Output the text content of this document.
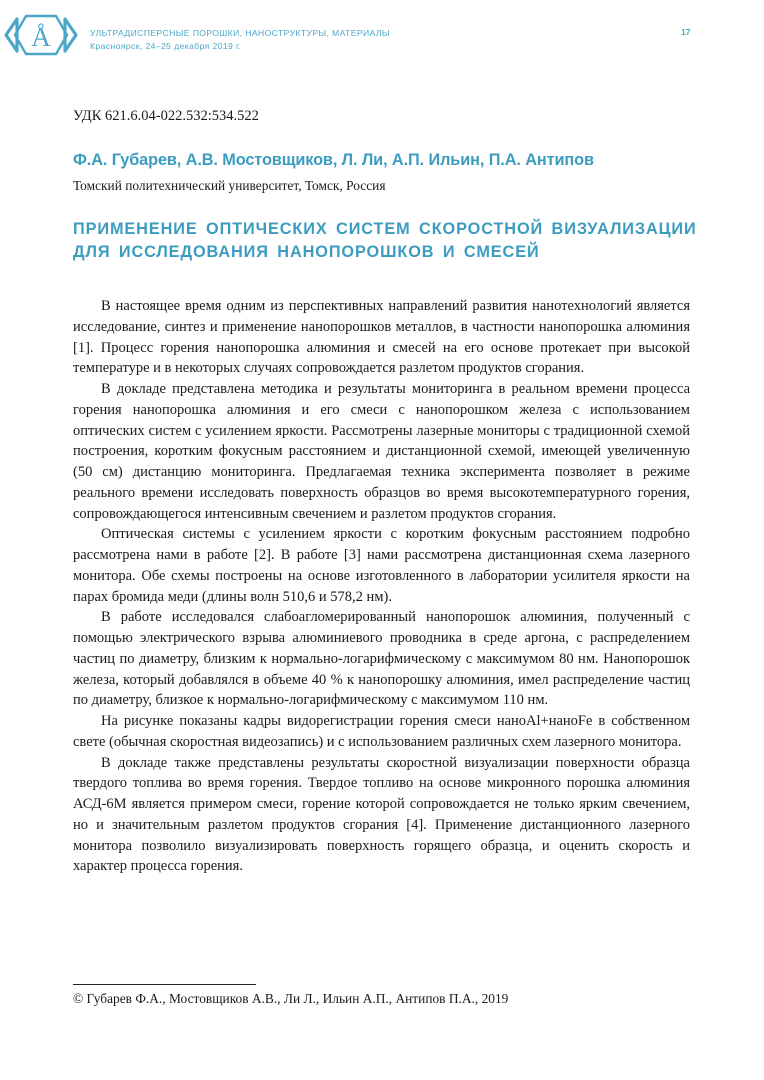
Å	УЛЬТРАДИСПЕРСНЫЕ ПОРОШКИ, НАНОСТРУКТУРЫ, МАТЕРИАЛЫ
Красноярск, 24–25 декабря 2019 г.
17
УДК 621.6.04-022.532:534.522
Ф.А. Губарев, А.В. Мостовщиков, Л. Ли, А.П. Ильин, П.А. Антипов
Томский политехнический университет, Томск, Россия
ПРИМЕНЕНИЕ ОПТИЧЕСКИХ СИСТЕМ СКОРОСТНОЙ ВИЗУАЛИЗАЦИИ
ДЛЯ ИССЛЕДОВАНИЯ НАНОПОРОШКОВ И СМЕСЕЙ

В настоящее время одним из перспективных направлений развития нанотехнологий является исследование, синтез и применение нанопорошков металлов, в частности нанопорошка алюминия [1]. Процесс горения нанопорошка алюминия и смесей на его основе протекает при высокой температуре и в некоторых случаях сопровождается разлетом продуктов сгорания.

В докладе представлена методика и результаты мониторинга в реальном времени процесса горения нанопорошка алюминия и его смеси с нанопорошком железа с использованием оптических систем с усилением яркости. Рассмотрены лазерные мониторы с традиционной схемой построения, коротким фокусным расстоянием и дистанционной схемой, имеющей увеличенную (50 см) дистанцию мониторинга. Предлагаемая техника эксперимента позволяет в режиме реального времени исследовать поверхность образцов во время высокотемпературного горения, сопровождающегося интенсивным свечением и разлетом продуктов сгорания.

Оптическая системы с усилением яркости с коротким фокусным расстоянием подробно рассмотрена нами в работе [2]. В работе [3] нами рассмотрена дистанционная схема лазерного монитора. Обе схемы построены на основе изготовленного в лаборатории усилителя яркости на парах бромида меди (длины волн 510,6 и 578,2 нм).

В работе исследовался слабоагломерированный нанопорошок алюминия, полученный с помощью электрического взрыва алюминиевого проводника в среде аргона, с распределением частиц по диаметру, близким к нормально-логарифмическому с максимумом 80 нм. Нанопорошок железа, который добавлялся в объеме 40 % к нанопорошку алюминия, имел распределение частиц по диаметру, близкое к нормально-логарифмическому с максимумом 110 нм.

На рисунке показаны кадры видорегистрации горения смеси наноAl+наноFe в собственном свете (обычная скоростная видеозапись) и с использованием различных схем лазерного монитора.

В докладе также представлены результаты скоростной визуализации поверхности образца твердого топлива во время горения. Твердое топливо на основе микронного порошка алюминия АСД-6М является примером смеси, горение которой сопровождается не только ярким свечением, но и значительным разлетом продуктов сгорания [4]. Применение дистанционного лазерного монитора позволило визуализировать поверхность горящего образца, и оценить скорость и характер процесса горения.

© Губарев Ф.А., Мостовщиков А.В., Ли Л., Ильин А.П., Антипов П.А., 2019
